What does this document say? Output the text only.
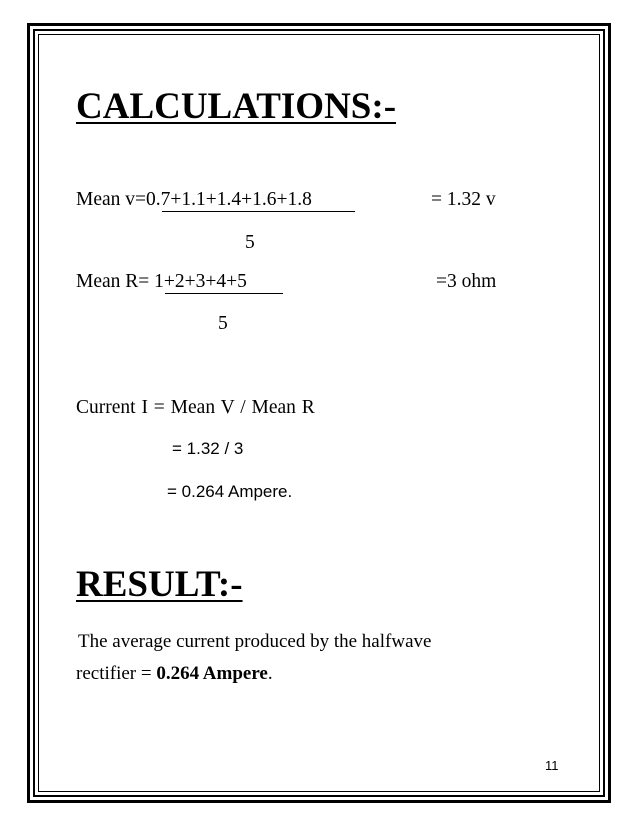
CALCULATIONS:-
Mean v=0.7+1.1+1.4+1.6+1.8	= 1.32 v
5
Mean R= 1+2+3+4+5	=3 ohm
5
Current I = Mean V / Mean R
= 1.32 / 3
= 0.264 Ampere.
RESULT:-
The average current produced by the halfwave
rectifier = 0.264 Ampere.
11
